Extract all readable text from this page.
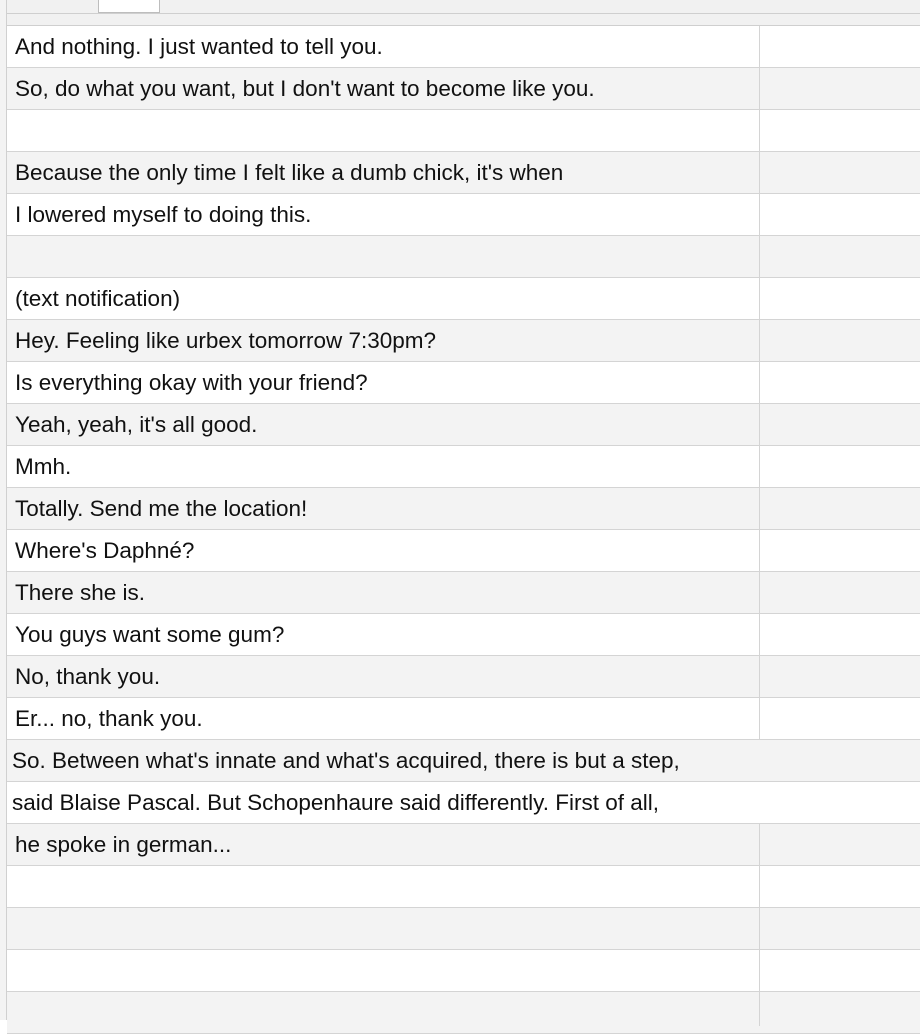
And nothing. I just wanted to tell you.
So, do what you want, but I don't want to become like you.
Because the only time I felt like a dumb chick, it's when
I lowered myself to doing this.
(text notification)
Hey. Feeling like urbex tomorrow 7:30pm?
Is everything okay with your friend?
Yeah, yeah, it's all good.
Mmh.
Totally. Send me the location!
Where's Daphné?
There she is.
You guys want some gum?
No, thank you.
Er... no, thank you.
So. Between what's innate and what's acquired, there is but a step,
said Blaise Pascal. But Schopenhaure said differently. First of all,
he spoke in german...
